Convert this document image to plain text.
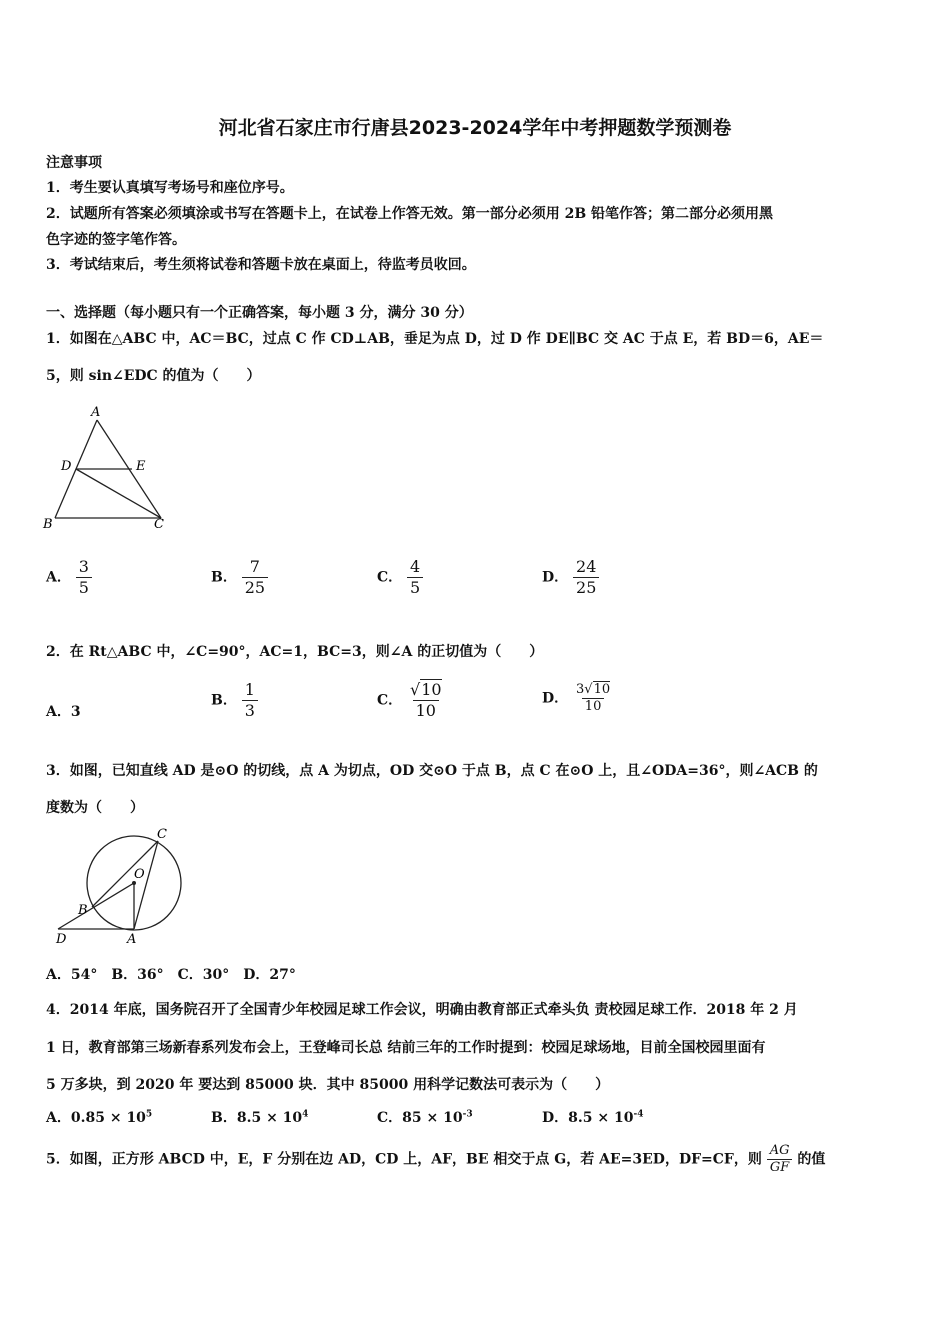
河北省石家庄市行唐县2023-2024学年中考押题数学预测卷
注意事项
1．考生要认真填写考场号和座位序号。
2．试题所有答案必须填涂或书写在答题卡上，在试卷上作答无效。第一部分必须用 2B 铅笔作答；第二部分必须用黑
色字迹的签字笔作答。
3．考试结束后，考生须将试卷和答题卡放在桌面上，待监考员收回。
一、选择题（每小题只有一个正确答案，每小题 3 分，满分 30 分）
1．如图在△ABC 中，AC＝BC，过点 C 作 CD⊥AB，垂足为点 D，过 D 作 DE∥BC 交 AC 于点 E，若 BD＝6，AE＝
5，则 sin∠EDC 的值为（　　）
A
D	E
B	C
A． $\frac{3}{5}$	B． $\frac{7}{25}$	C． $\frac{4}{5}$	D． $\frac{24}{25}$
2．在 Rt△ABC 中，∠C=90°，AC=1，BC=3，则∠A 的正切值为（　　）
A．3
B． $\frac{1}{3}$	C． $\frac{√10}{10}$	D． $\frac{3√10}{10}$
3．如图，已知直线 AD 是⊙O 的切线，点 A 为切点，OD 交⊙O 于点 B，点 C 在⊙O 上，且∠ODA=36°，则∠ACB 的
度数为（　　）
C
O
B
D	A
A．54°　B．36°　C．30°　D．27°
4．2014 年底，国务院召开了全国青少年校园足球工作会议，明确由教育部正式牵头负 责校园足球工作．2018 年 2 月
1 日，教育部第三场新春系列发布会上，王登峰司长总 结前三年的工作时提到：校园足球场地，目前全国校园里面有
5 万多块，到 2020 年 要达到 85000 块．其中 85000 用科学记数法可表示为（　　）
A．$0.85 \times 10^5$	B．$8.5 \times 10^4$	C．$85 \times 10^{-3}$	D．$8.5 \times 10^{-4}$
5．如图，正方形 ABCD 中，E，F 分别在边 AD，CD 上，AF，BE 相交于点 G，若 AE=3ED，DF=CF，则 $\frac{AG}{GF}$ 的值
